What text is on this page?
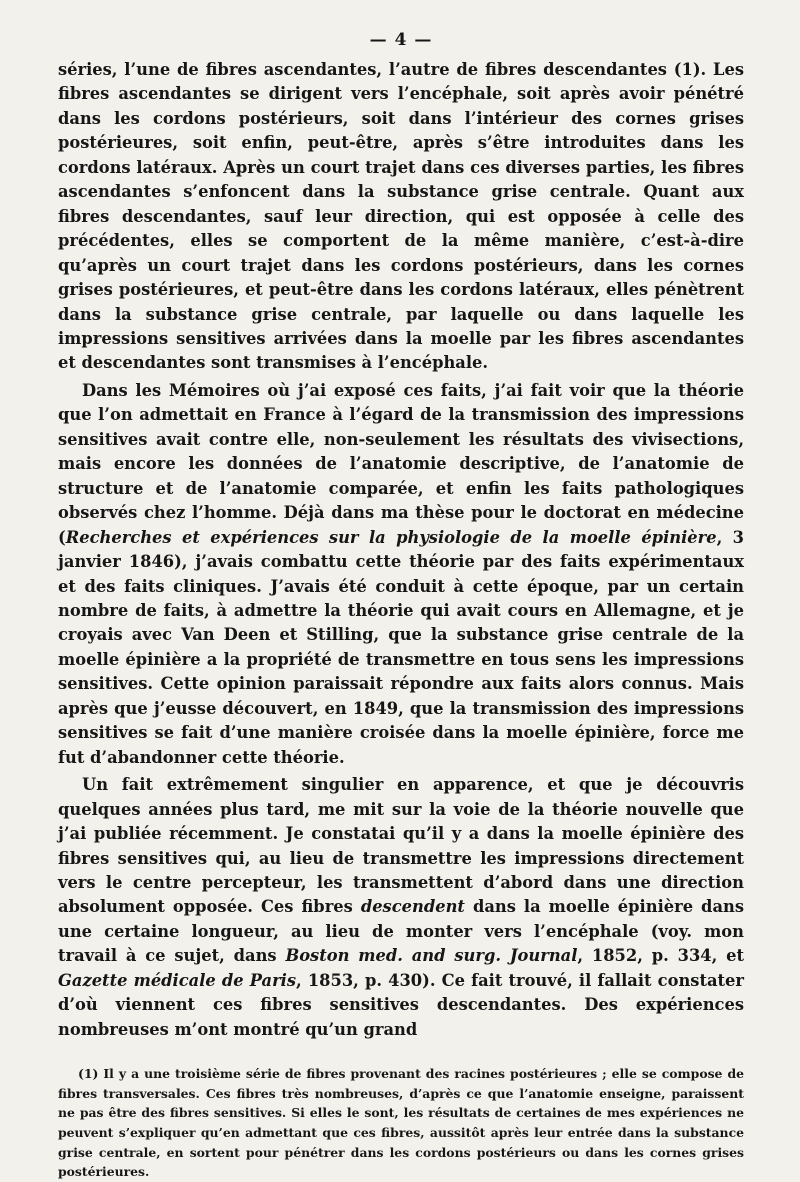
— 4 —

séries, l’une de fibres ascendantes, l’autre de fibres descendantes (1). Les fibres ascendantes se dirigent vers l’encéphale, soit après avoir pénétré dans les cordons postérieurs, soit dans l’intérieur des cornes grises postérieures, soit enfin, peut-être, après s’être introduites dans les cordons latéraux. Après un court trajet dans ces diverses parties, les fibres ascendantes s’enfoncent dans la substance grise centrale. Quant aux fibres descendantes, sauf leur direction, qui est opposée à celle des précédentes, elles se comportent de la même manière, c’est-à-dire qu’après un court trajet dans les cordons postérieurs, dans les cornes grises postérieures, et peut-être dans les cordons latéraux, elles pénètrent dans la substance grise centrale, par laquelle ou dans laquelle les impressions sensitives arrivées dans la moelle par les fibres ascendantes et descendantes sont transmises à l’encéphale.

Dans les Mémoires où j’ai exposé ces faits, j’ai fait voir que la théorie que l’on admettait en France à l’égard de la transmission des impressions sensitives avait contre elle, non-seulement les résultats des vivisections, mais encore les données de l’anatomie descriptive, de l’anatomie de structure et de l’anatomie comparée, et enfin les faits pathologiques observés chez l’homme. Déjà dans ma thèse pour le doctorat en médecine (Recherches et expériences sur la physiologie de la moelle épinière, 3 janvier 1846), j’avais combattu cette théorie par des faits expérimentaux et des faits cliniques. J’avais été conduit à cette époque, par un certain nombre de faits, à admettre la théorie qui avait cours en Allemagne, et je croyais avec Van Deen et Stilling, que la substance grise centrale de la moelle épinière a la propriété de transmettre en tous sens les impressions sensitives. Cette opinion paraissait répondre aux faits alors connus. Mais après que j’eusse découvert, en 1849, que la transmission des impressions sensitives se fait d’une manière croisée dans la moelle épinière, force me fut d’abandonner cette théorie.

Un fait extrêmement singulier en apparence, et que je découvris quelques années plus tard, me mit sur la voie de la théorie nouvelle que j’ai publiée récemment. Je constatai qu’il y a dans la moelle épinière des fibres sensitives qui, au lieu de transmettre les impressions directement vers le centre percepteur, les transmettent d’abord dans une direction absolument opposée. Ces fibres descendent dans la moelle épinière dans une certaine longueur, au lieu de monter vers l’encéphale (voy. mon travail à ce sujet, dans Boston med. and surg. Journal, 1852, p. 334, et Gazette médicale de Paris, 1853, p. 430). Ce fait trouvé, il fallait constater d’où viennent ces fibres sensitives descendantes. Des expériences nombreuses m’ont montré qu’un grand

(1) Il y a une troisième série de fibres provenant des racines postérieures ; elle se compose de fibres transversales. Ces fibres très nombreuses, d’après ce que l’anatomie enseigne, paraissent ne pas être des fibres sensitives. Si elles le sont, les résultats de certaines de mes expériences ne peuvent s’expliquer qu’en admettant que ces fibres, aussitôt après leur entrée dans la substance grise centrale, en sortent pour pénétrer dans les cordons postérieurs ou dans les cornes grises postérieures.
